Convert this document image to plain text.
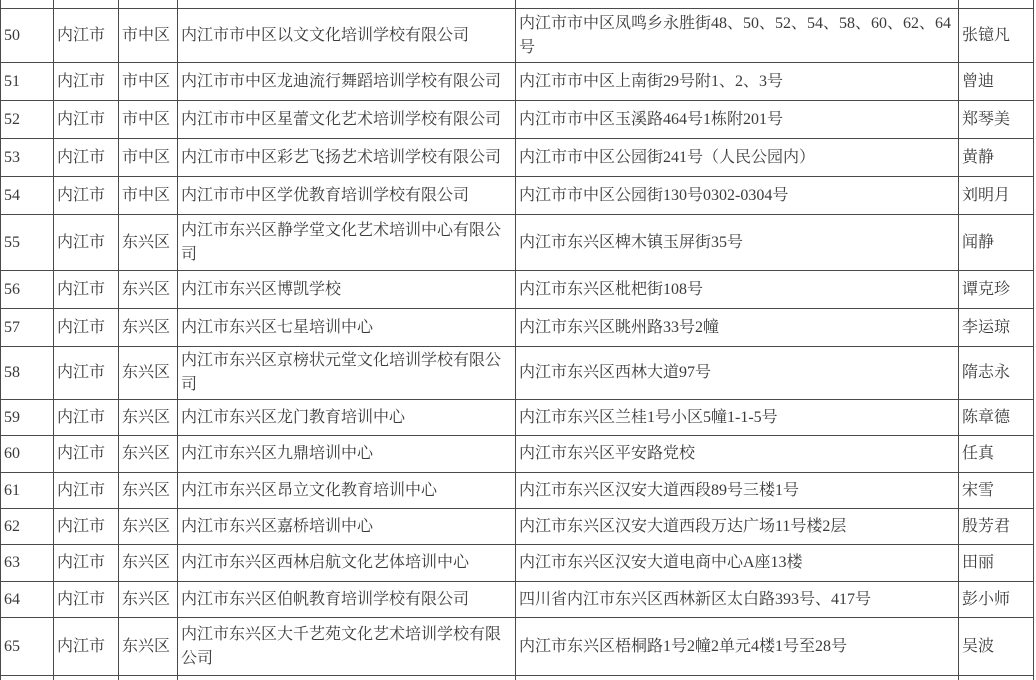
50	内江市	市中区	内江市市中区以文文化培训学校有限公司	内江市市中区凤鸣乡永胜街48、50、52、54、58、60、62、64号	张镱凡
51	内江市	市中区	内江市市中区龙迪流行舞蹈培训学校有限公司	内江市市中区上南街29号附1、2、3号	曾迪
52	内江市	市中区	内江市市中区星蕾文化艺术培训学校有限公司	内江市市中区玉溪路464号1栋附201号	郑琴美
53	内江市	市中区	内江市市中区彩艺飞扬艺术培训学校有限公司	内江市市中区公园街241号（人民公园内）	黄静
54	内江市	市中区	内江市市中区学优教育培训学校有限公司	内江市市中区公园街130号0302-0304号	刘明月
55	内江市	东兴区	内江市东兴区静学堂文化艺术培训中心有限公司	内江市东兴区椑木镇玉屏街35号	闻静
56	内江市	东兴区	内江市东兴区博凯学校	内江市东兴区枇杷街108号	谭克珍
57	内江市	东兴区	内江市东兴区七星培训中心	内江市东兴区眺州路33号2幢	李运琼
58	内江市	东兴区	内江市东兴区京榜状元堂文化培训学校有限公司	内江市东兴区西林大道97号	隋志永
59	内江市	东兴区	内江市东兴区龙门教育培训中心	内江市东兴区兰桂1号小区5幢1-1-5号	陈章德
60	内江市	东兴区	内江市东兴区九鼎培训中心	内江市东兴区平安路党校	任真
61	内江市	东兴区	内江市东兴区昂立文化教育培训中心	内江市东兴区汉安大道西段89号三楼1号	宋雪
62	内江市	东兴区	内江市东兴区嘉桥培训中心	内江市东兴区汉安大道西段万达广场11号楼2层	殷芳君
63	内江市	东兴区	内江市东兴区西林启航文化艺体培训中心	内江市东兴区汉安大道电商中心A座13楼	田丽
64	内江市	东兴区	内江市东兴区伯帆教育培训学校有限公司	四川省内江市东兴区西林新区太白路393号、417号	彭小师
65	内江市	东兴区	内江市东兴区大千艺苑文化艺术培训学校有限公司	内江市东兴区梧桐路1号2幢2单元4楼1号至28号	吴波
